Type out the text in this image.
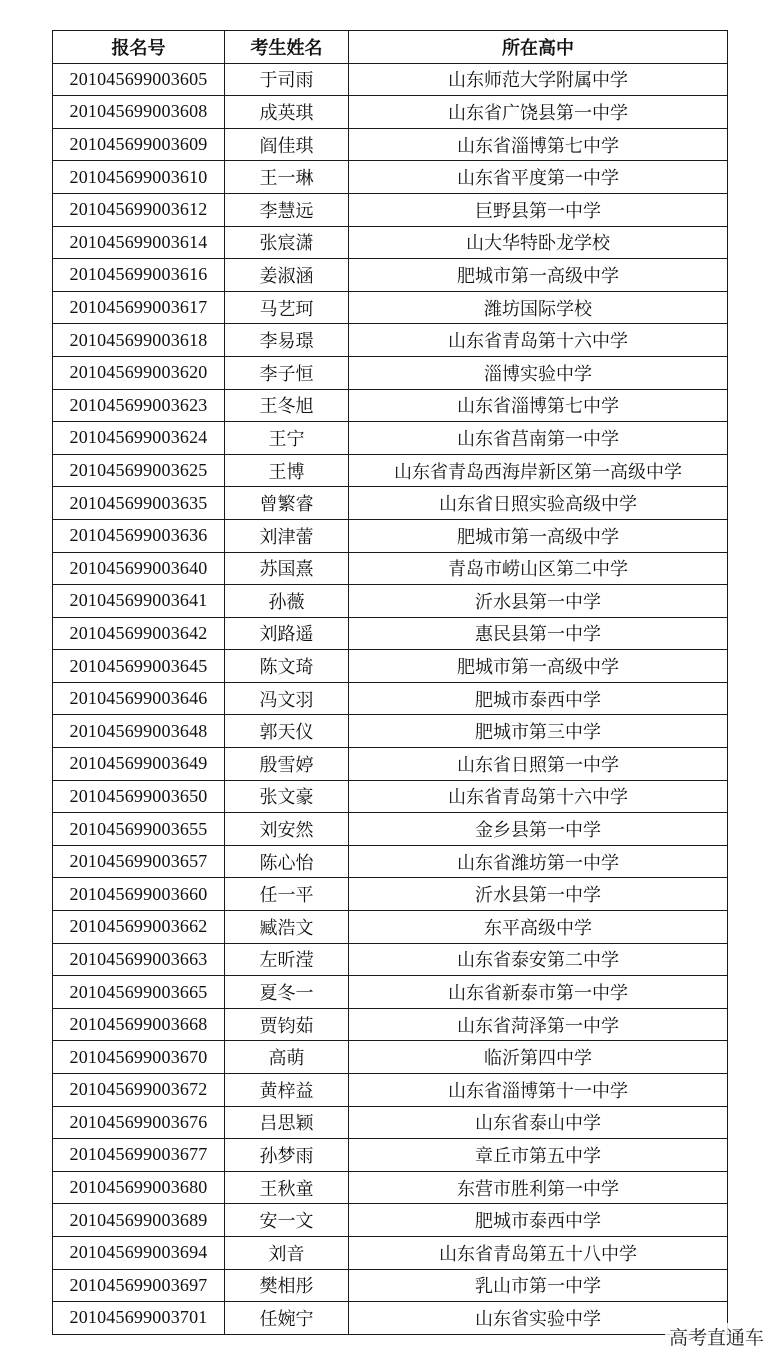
报名号	考生姓名	所在高中
201045699003605	于司雨	山东师范大学附属中学
201045699003608	成英琪	山东省广饶县第一中学
201045699003609	阎佳琪	山东省淄博第七中学
201045699003610	王一琳	山东省平度第一中学
201045699003612	李慧远	巨野县第一中学
201045699003614	张宸潇	山大华特卧龙学校
201045699003616	姜淑涵	肥城市第一高级中学
201045699003617	马艺珂	潍坊国际学校
201045699003618	李易璟	山东省青岛第十六中学
201045699003620	李子恒	淄博实验中学
201045699003623	王冬旭	山东省淄博第七中学
201045699003624	王宁	山东省莒南第一中学
201045699003625	王博	山东省青岛西海岸新区第一高级中学
201045699003635	曾繁睿	山东省日照实验高级中学
201045699003636	刘津蕾	肥城市第一高级中学
201045699003640	苏国熹	青岛市崂山区第二中学
201045699003641	孙薇	沂水县第一中学
201045699003642	刘路遥	惠民县第一中学
201045699003645	陈文琦	肥城市第一高级中学
201045699003646	冯文羽	肥城市泰西中学
201045699003648	郭天仪	肥城市第三中学
201045699003649	殷雪婷	山东省日照第一中学
201045699003650	张文豪	山东省青岛第十六中学
201045699003655	刘安然	金乡县第一中学
201045699003657	陈心怡	山东省潍坊第一中学
201045699003660	任一平	沂水县第一中学
201045699003662	臧浩文	东平高级中学
201045699003663	左昕滢	山东省泰安第二中学
201045699003665	夏冬一	山东省新泰市第一中学
201045699003668	贾钧茹	山东省菏泽第一中学
201045699003670	高萌	临沂第四中学
201045699003672	黄梓益	山东省淄博第十一中学
201045699003676	吕思颖	山东省泰山中学
201045699003677	孙梦雨	章丘市第五中学
201045699003680	王秋童	东营市胜利第一中学
201045699003689	安一文	肥城市泰西中学
201045699003694	刘音	山东省青岛第五十八中学
201045699003697	樊相彤	乳山市第一中学
201045699003701	任婉宁	山东省实验中学
高考直通车
